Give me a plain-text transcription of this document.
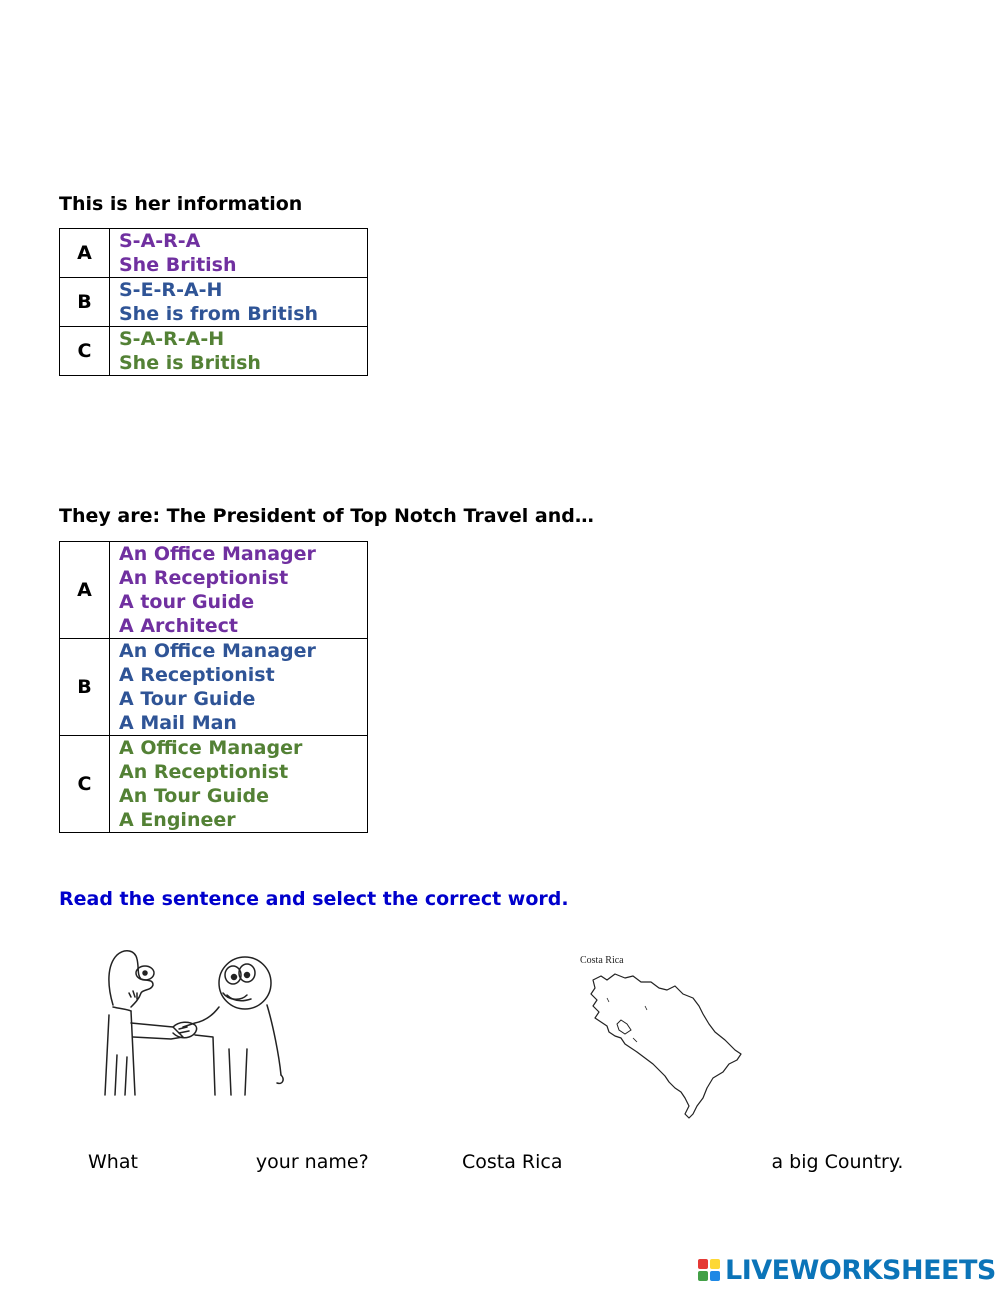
This is her information

A	S-A-R-A
She British

B	S-E-R-A-H
She is from British

C	S-A-R-A-H
She is British

They are: The President of Top Notch Travel and…

A	An Office Manager
An Receptionist
A tour Guide
A Architect

B	An Office Manager
A Receptionist
A Tour Guide
A Mail Man

C	A Office Manager
An Receptionist
An Tour Guide
A Engineer

Read the sentence and select the correct word.

Costa Rica
What	your name?	Costa Rica	a big Country.
LIVEWORKSHEETS
